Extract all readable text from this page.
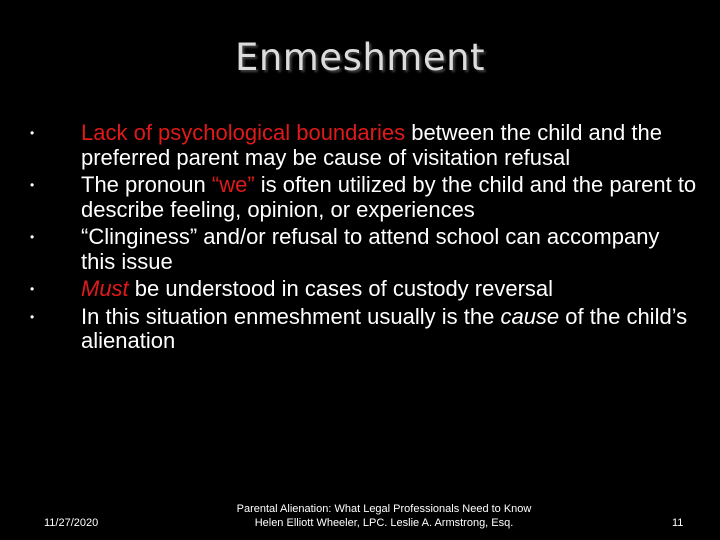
Enmeshment
• Lack of psychological boundaries between the child and the preferred parent may be cause of visitation refusal
• The pronoun “we” is often utilized by the child and the parent to describe feeling, opinion, or experiences
• “Clinginess” and/or refusal to attend school can accompany this issue
• Must be understood in cases of custody reversal
• In this situation enmeshment usually is the cause of the child’s alienation
11/27/2020
Parental Alienation: What Legal Professionals Need to Know
Helen Elliott Wheeler, LPC. Leslie A. Armstrong, Esq.	11
